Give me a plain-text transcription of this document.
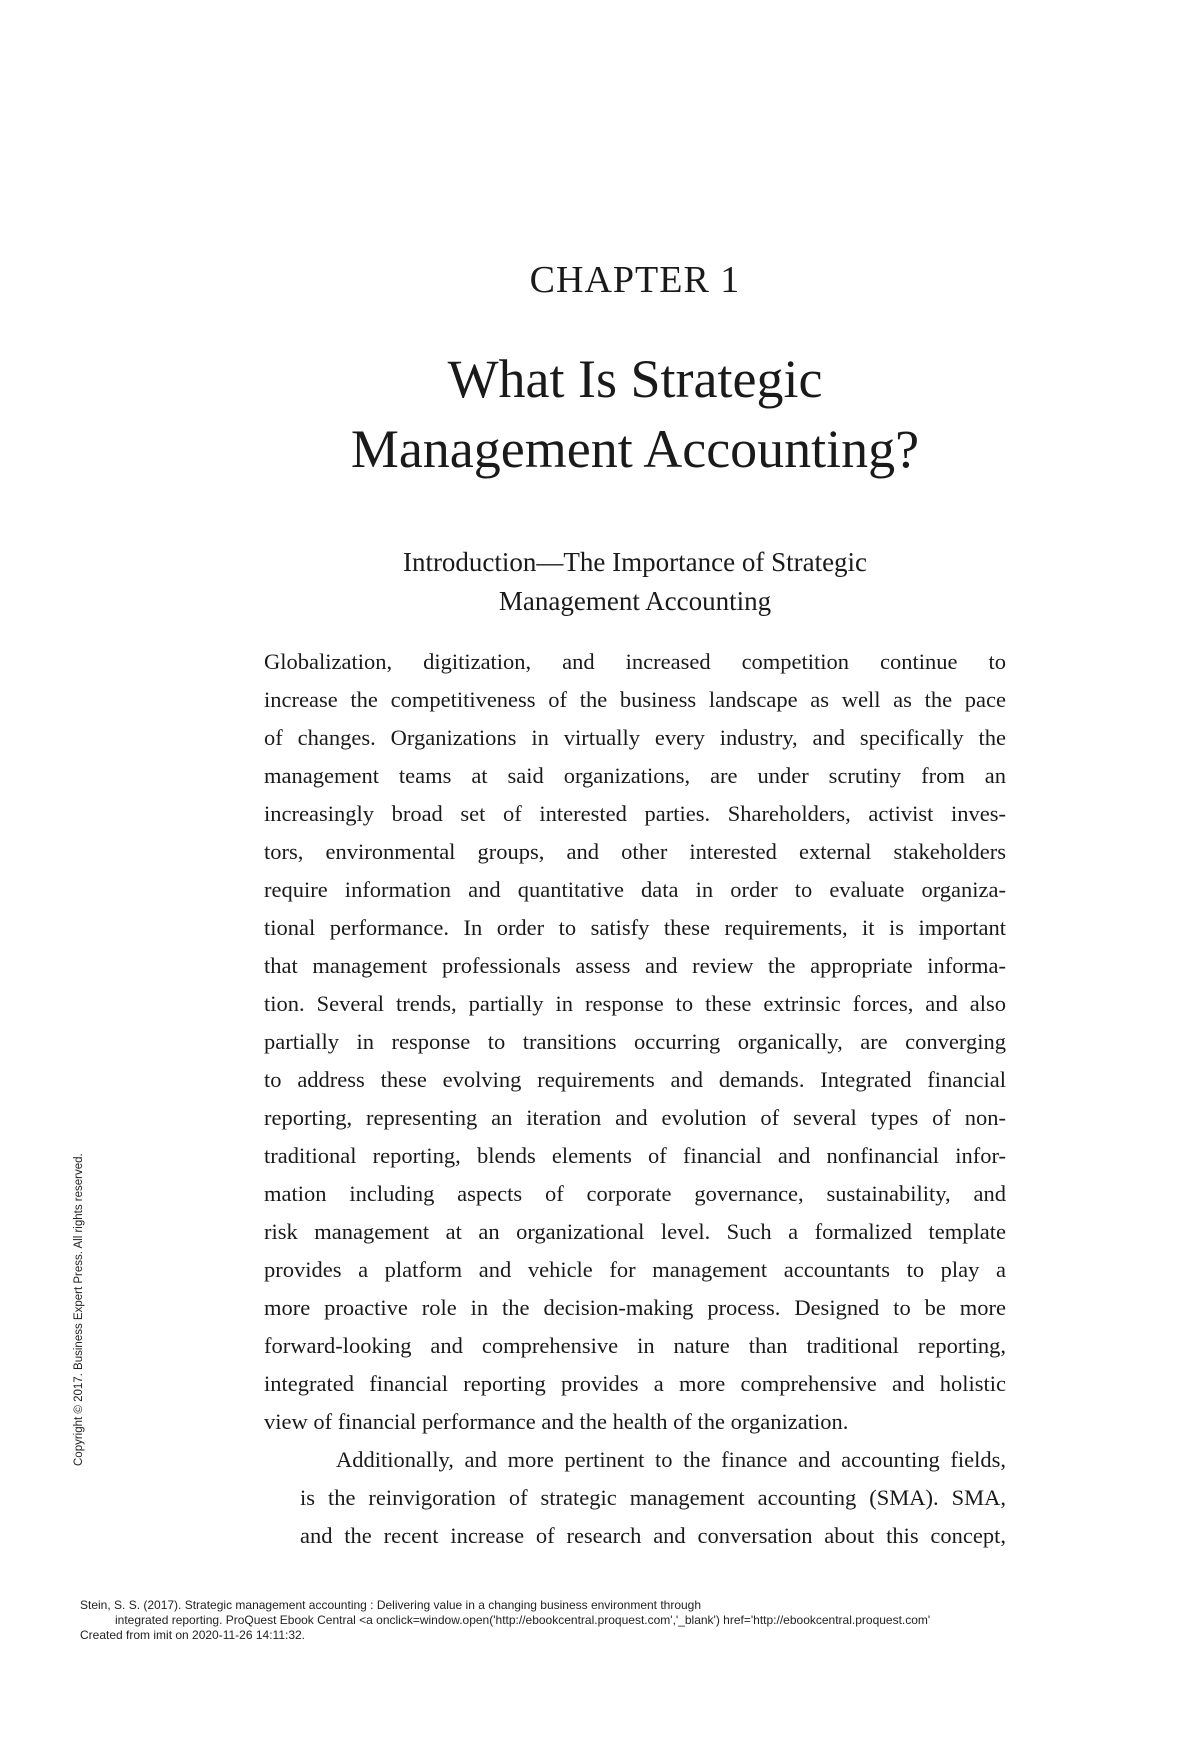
CHAPTER 1
What Is Strategic
Management Accounting?
Introduction—The Importance of Strategic
Management Accounting

Globalization, digitization, and increased competition continue to
increase the competitiveness of the business landscape as well as the pace
of changes. Organizations in virtually every industry, and specifically the
management teams at said organizations, are under scrutiny from an
increasingly broad set of interested parties. Shareholders, activist inves-
tors, environmental groups, and other interested external stakeholders
require information and quantitative data in order to evaluate organiza-
tional performance. In order to satisfy these requirements, it is important
that management professionals assess and review the appropriate informa-
tion. Several trends, partially in response to these extrinsic forces, and also
partially in response to transitions occurring organically, are converging
to address these evolving requirements and demands. Integrated financial
reporting, representing an iteration and evolution of several types of non-
traditional reporting, blends elements of financial and nonfinancial infor-
mation including aspects of corporate governance, sustainability, and
risk management at an organizational level. Such a formalized template
provides a platform and vehicle for management accountants to play a
more proactive role in the decision-making process. Designed to be more
forward-looking and comprehensive in nature than traditional reporting,
integrated financial reporting provides a more comprehensive and holistic
view of financial performance and the health of the organization.

Additionally, and more pertinent to the finance and accounting fields,
is the reinvigoration of strategic management accounting (SMA). SMA,
and the recent increase of research and conversation about this concept,

Copyright © 2017. Business Expert Press. All rights reserved.
Stein, S. S. (2017). Strategic management accounting : Delivering value in a changing business environment through
integrated reporting. ProQuest Ebook Central <a onclick=window.open('http://ebookcentral.proquest.com','_blank') href='http://ebookcentral.proquest.com'
Created from imit on 2020-11-26 14:11:32.
